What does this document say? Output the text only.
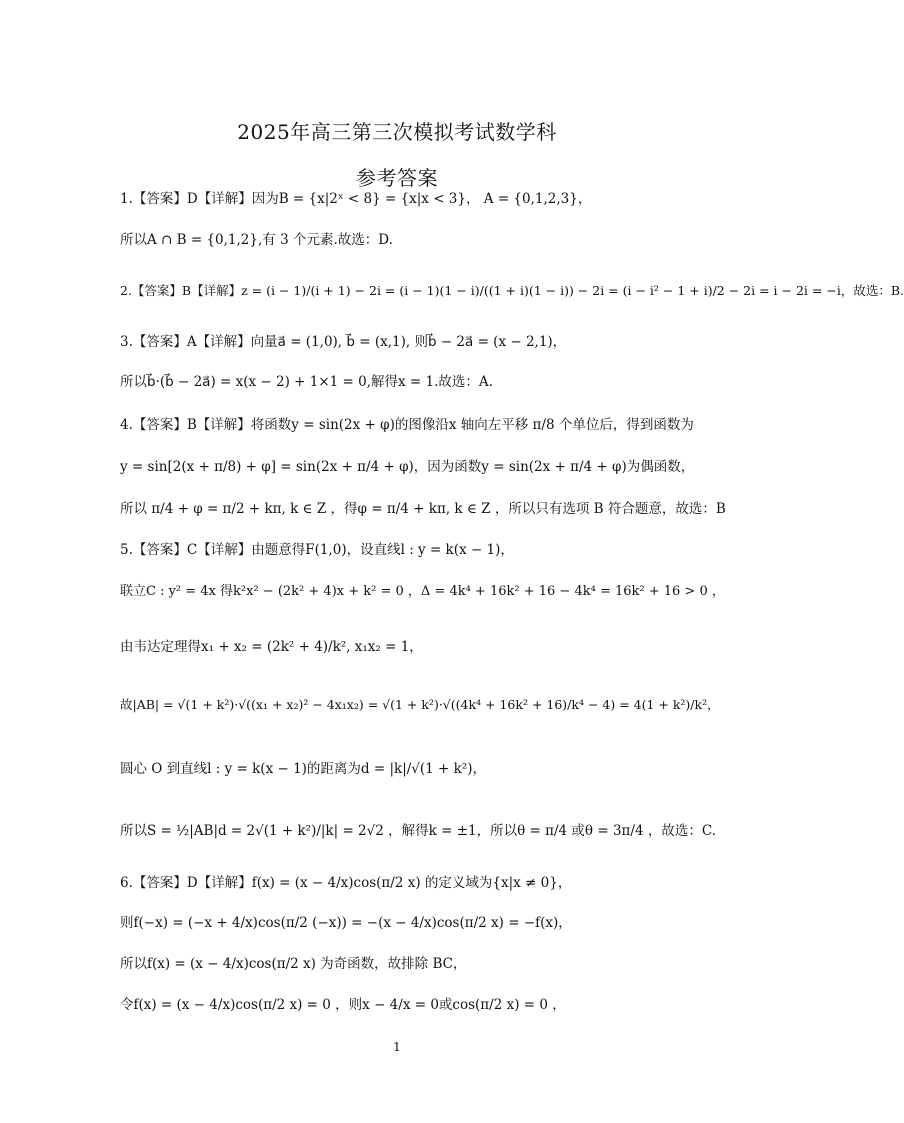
2025年高三第三次模拟考试数学科
参考答案
1.【答案】D【详解】因为B = {x|2ˣ < 8} = {x|x < 3}， A = {0,1,2,3}，
所以A ∩ B = {0,1,2},有 3 个元素.故选：D.
2.【答案】B【详解】z = (i − 1)/(i + 1) − 2i = (i − 1)(1 − i)/((1 + i)(1 − i)) − 2i = (i − i² − 1 + i)/2 − 2i = i − 2i = −i，故选：B.
3.【答案】A【详解】向量a⃗ = (1,0), b⃗ = (x,1), 则b⃗ − 2a⃗ = (x − 2,1)，
所以b⃗·(b⃗ − 2a⃗) = x(x − 2) + 1×1 = 0,解得x = 1.故选：A.
4.【答案】B【详解】将函数y = sin(2x + φ)的图像沿x 轴向左平移 π/8 个单位后，得到函数为
y = sin[2(x + π/8) + φ] = sin(2x + π/4 + φ)，因为函数y = sin(2x + π/4 + φ)为偶函数，
所以 π/4 + φ = π/2 + kπ, k ∈ Z ，得φ = π/4 + kπ, k ∈ Z ，所以只有选项 B 符合题意，故选：B
5.【答案】C【详解】由题意得F(1,0)，设直线l : y = k(x − 1)，
联立C : y² = 4x 得k²x² − (2k² + 4)x + k² = 0 ，Δ = 4k⁴ + 16k² + 16 − 4k⁴ = 16k² + 16 > 0 ，
由韦达定理得x₁ + x₂ = (2k² + 4)/k², x₁x₂ = 1，
故|AB| = √(1 + k²)·√((x₁ + x₂)² − 4x₁x₂) = √(1 + k²)·√((4k⁴ + 16k² + 16)/k⁴ − 4) = 4(1 + k²)/k²，
圆心 O 到直线l : y = k(x − 1)的距离为d = |k|/√(1 + k²)，
所以S = ½|AB|d = 2√(1 + k²)/|k| = 2√2 ，解得k = ±1，所以θ = π/4 或θ = 3π/4 ，故选：C.
6.【答案】D【详解】f(x) = (x − 4/x)cos(π/2 x) 的定义域为{x|x ≠ 0}，
则f(−x) = (−x + 4/x)cos(π/2 (−x)) = −(x − 4/x)cos(π/2 x) = −f(x)，
所以f(x) = (x − 4/x)cos(π/2 x) 为奇函数，故排除 BC，
令f(x) = (x − 4/x)cos(π/2 x) = 0 ，则x − 4/x = 0或cos(π/2 x) = 0 ，
1
